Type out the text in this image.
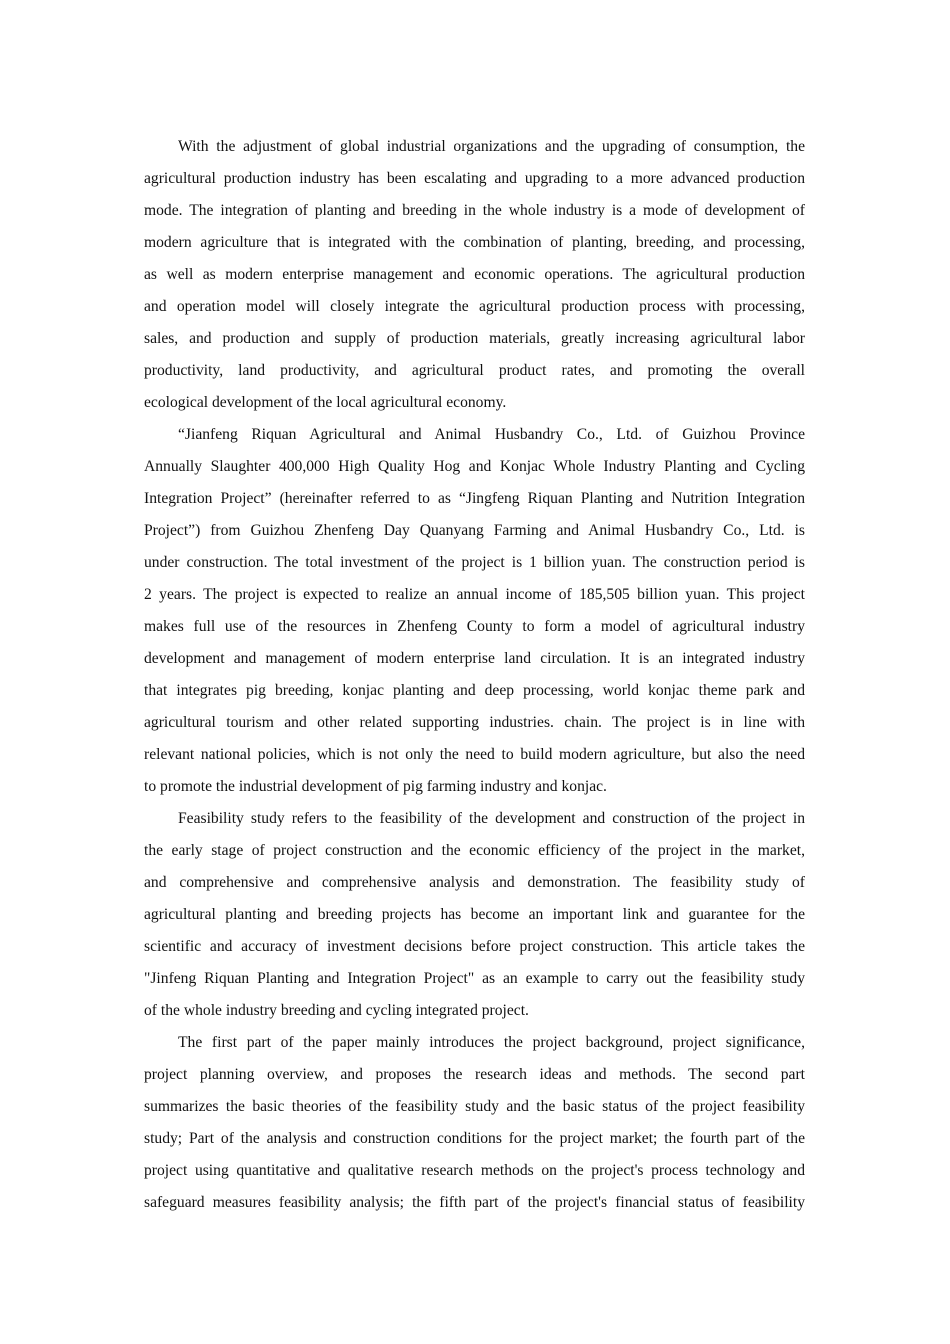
With the adjustment of global industrial organizations and the upgrading of consumption, the
agricultural production industry has been escalating and upgrading to a more advanced production
mode. The integration of planting and breeding in the whole industry is a mode of development of
modern agriculture that is integrated with the combination of planting, breeding, and processing,
as well as modern enterprise management and economic operations. The agricultural production
and operation model will closely integrate the agricultural production process with processing,
sales, and production and supply of production materials, greatly increasing agricultural labor
productivity, land productivity, and agricultural product rates, and promoting the overall
ecological development of the local agricultural economy.
“Jianfeng Riquan Agricultural and Animal Husbandry Co., Ltd. of Guizhou Province
Annually Slaughter 400,000 High Quality Hog and Konjac Whole Industry Planting and Cycling
Integration Project” (hereinafter referred to as “Jingfeng Riquan Planting and Nutrition Integration
Project”) from Guizhou Zhenfeng Day Quanyang Farming and Animal Husbandry Co., Ltd. is
under construction. The total investment of the project is 1 billion yuan. The construction period is
2 years. The project is expected to realize an annual income of 185,505 billion yuan. This project
makes full use of the resources in Zhenfeng County to form a model of agricultural industry
development and management of modern enterprise land circulation. It is an integrated industry
that integrates pig breeding, konjac planting and deep processing, world konjac theme park and
agricultural tourism and other related supporting industries. chain. The project is in line with
relevant national policies, which is not only the need to build modern agriculture, but also the need
to promote the industrial development of pig farming industry and konjac.
Feasibility study refers to the feasibility of the development and construction of the project in
the early stage of project construction and the economic efficiency of the project in the market,
and comprehensive and comprehensive analysis and demonstration. The feasibility study of
agricultural planting and breeding projects has become an important link and guarantee for the
scientific and accuracy of investment decisions before project construction. This article takes the
"Jinfeng Riquan Planting and Integration Project" as an example to carry out the feasibility study
of the whole industry breeding and cycling integrated project.
The first part of the paper mainly introduces the project background, project significance,
project planning overview, and proposes the research ideas and methods. The second part
summarizes the basic theories of the feasibility study and the basic status of the project feasibility
study; Part of the analysis and construction conditions for the project market; the fourth part of the
project using quantitative and qualitative research methods on the project's process technology and
safeguard measures feasibility analysis; the fifth part of the project's financial status of feasibility
